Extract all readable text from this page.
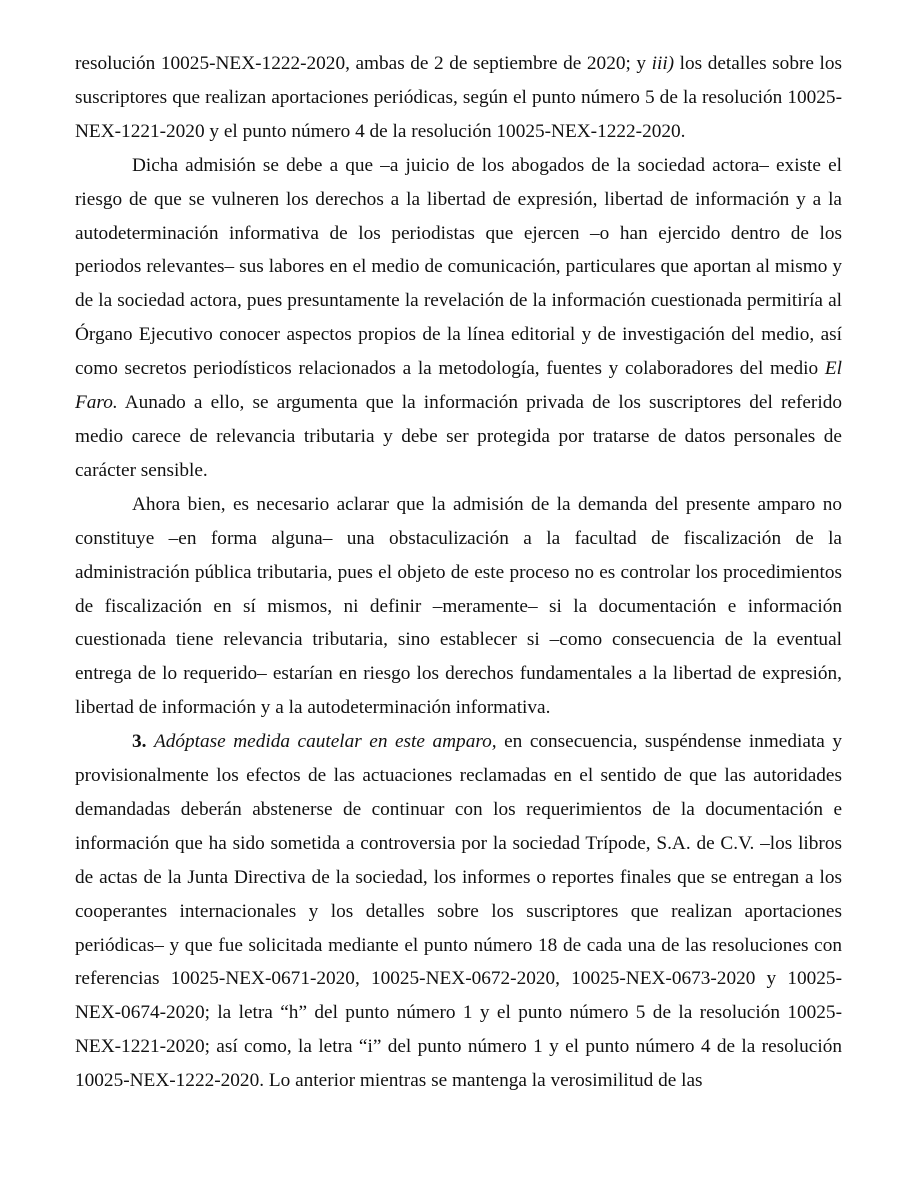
resolución 10025-NEX-1222-2020, ambas de 2 de septiembre de 2020; y iii) los detalles sobre los suscriptores que realizan aportaciones periódicas, según el punto número 5 de la resolución 10025-NEX-1221-2020 y el punto número 4 de la resolución 10025-NEX-1222-2020.

Dicha admisión se debe a que –a juicio de los abogados de la sociedad actora– existe el riesgo de que se vulneren los derechos a la libertad de expresión, libertad de información y a la autodeterminación informativa de los periodistas que ejercen –o han ejercido dentro de los periodos relevantes– sus labores en el medio de comunicación, particulares que aportan al mismo y de la sociedad actora, pues presuntamente la revelación de la información cuestionada permitiría al Órgano Ejecutivo conocer aspectos propios de la línea editorial y de investigación del medio, así como secretos periodísticos relacionados a la metodología, fuentes y colaboradores del medio El Faro. Aunado a ello, se argumenta que la información privada de los suscriptores del referido medio carece de relevancia tributaria y debe ser protegida por tratarse de datos personales de carácter sensible.

Ahora bien, es necesario aclarar que la admisión de la demanda del presente amparo no constituye –en forma alguna– una obstaculización a la facultad de fiscalización de la administración pública tributaria, pues el objeto de este proceso no es controlar los procedimientos de fiscalización en sí mismos, ni definir –meramente– si la documentación e información cuestionada tiene relevancia tributaria, sino establecer si –como consecuencia de la eventual entrega de lo requerido– estarían en riesgo los derechos fundamentales a la libertad de expresión, libertad de información y a la autodeterminación informativa.

3. Adóptase medida cautelar en este amparo, en consecuencia, suspéndense inmediata y provisionalmente los efectos de las actuaciones reclamadas en el sentido de que las autoridades demandadas deberán abstenerse de continuar con los requerimientos de la documentación e información que ha sido sometida a controversia por la sociedad Trípode, S.A. de C.V. –los libros de actas de la Junta Directiva de la sociedad, los informes o reportes finales que se entregan a los cooperantes internacionales y los detalles sobre los suscriptores que realizan aportaciones periódicas– y que fue solicitada mediante el punto número 18 de cada una de las resoluciones con referencias 10025-NEX-0671-2020, 10025-NEX-0672-2020, 10025-NEX-0673-2020 y 10025-NEX-0674-2020; la letra “h” del punto número 1 y el punto número 5 de la resolución 10025-NEX-1221-2020; así como, la letra “i” del punto número 1 y el punto número 4 de la resolución 10025-NEX-1222-2020. Lo anterior mientras se mantenga la verosimilitud de las
